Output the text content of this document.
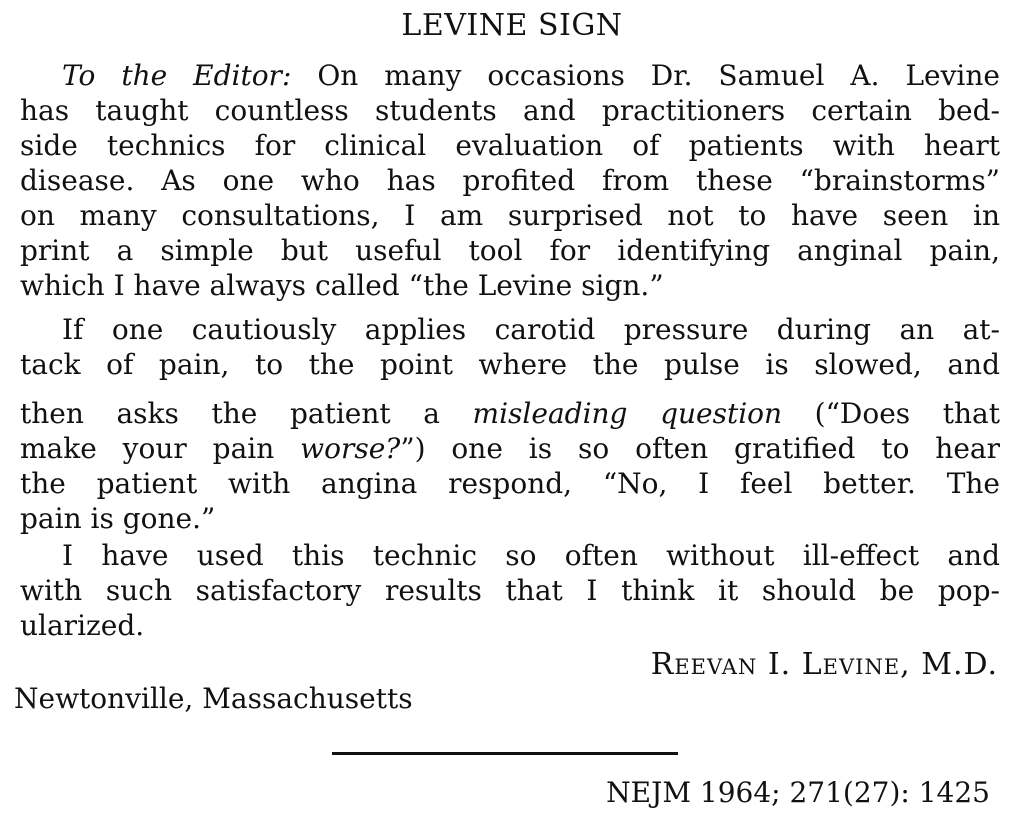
LEVINE SIGN
To the Editor: On many occasions Dr. Samuel A. Levine
has taught countless students and practitioners certain bed-
side technics for clinical evaluation of patients with heart
disease. As one who has profited from these “brainstorms”
on many consultations, I am surprised not to have seen in
print a simple but useful tool for identifying anginal pain,
which I have always called “the Levine sign.”
If one cautiously applies carotid pressure during an at-
tack of pain, to the point where the pulse is slowed, and
then asks the patient a misleading question (“Does that
make your pain worse?”) one is so often gratified to hear
the patient with angina respond, “No, I feel better. The
pain is gone.”
I have used this technic so often without ill-effect and
with such satisfactory results that I think it should be pop-
ularized.
Reevan I. Levine, M.D.
Newtonville, Massachusetts
NEJM 1964; 271(27): 1425
